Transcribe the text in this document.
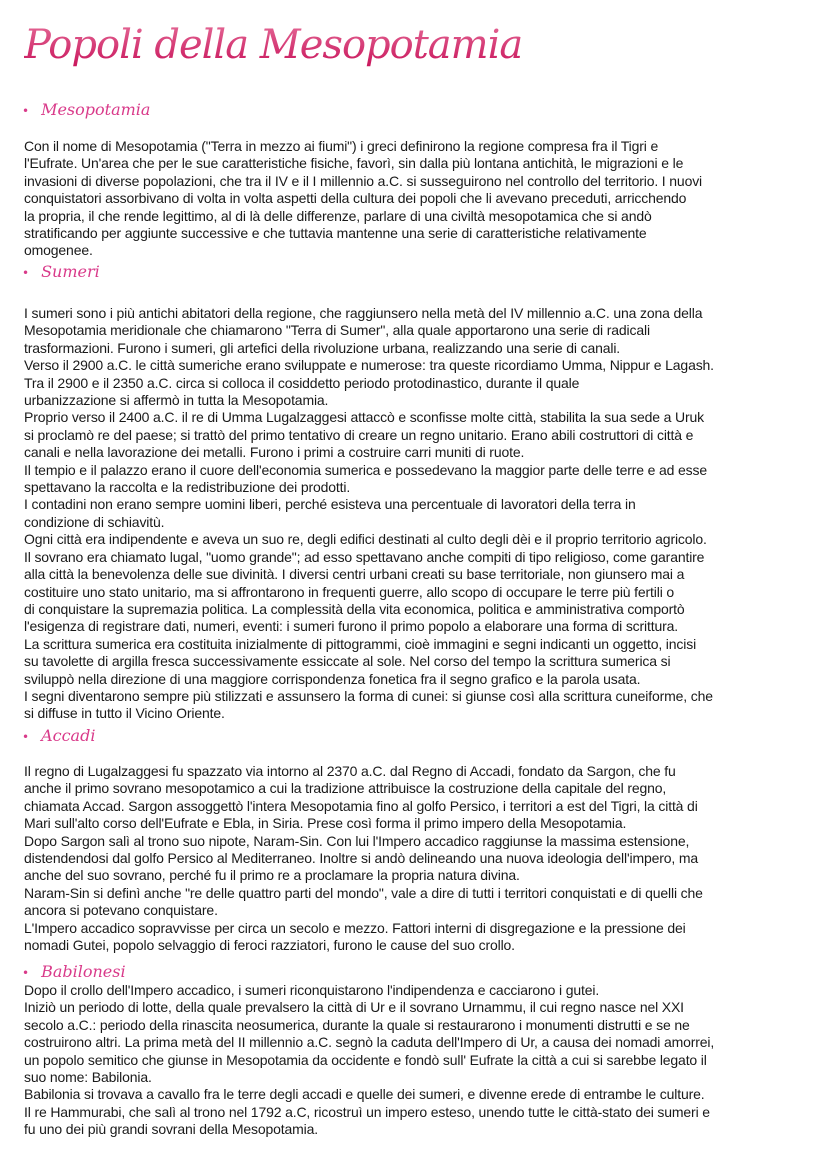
Popoli della Mesopotamia
• Mesopotamia
Con il nome di Mesopotamia ("Terra in mezzo ai fiumi") i greci definirono la regione compresa fra il Tigri e
l'Eufrate. Un'area che per le sue caratteristiche fisiche, favorì, sin dalla più lontana antichità, le migrazioni e le
invasioni di diverse popolazioni, che tra il IV e il I millennio a.C. si susseguirono nel controllo del territorio. I nuovi
conquistatori assorbivano di volta in volta aspetti della cultura dei popoli che li avevano preceduti, arricchendo
la propria, il che rende legittimo, al di là delle differenze, parlare di una civiltà mesopotamica che si andò
stratificando per aggiunte successive e che tuttavia mantenne una serie di caratteristiche relativamente
omogenee.
• Sumeri
I sumeri sono i più antichi abitatori della regione, che raggiunsero nella metà del IV millennio a.C. una zona della
Mesopotamia meridionale che chiamarono "Terra di Sumer", alla quale apportarono una serie di radicali
trasformazioni. Furono i sumeri, gli artefici della rivoluzione urbana, realizzando una serie di canali.
Verso il 2900 a.C. le città sumeriche erano sviluppate e numerose: tra queste ricordiamo Umma, Nippur e Lagash.
Tra il 2900 e il 2350 a.C. circa si colloca il cosiddetto periodo protodinastico, durante il quale
urbanizzazione si affermò in tutta la Mesopotamia.
Proprio verso il 2400 a.C. il re di Umma Lugalzaggesi attaccò e sconfisse molte città, stabilita la sua sede a Uruk
si proclamò re del paese; si trattò del primo tentativo di creare un regno unitario. Erano abili costruttori di città e
canali e nella lavorazione dei metalli. Furono i primi a costruire carri muniti di ruote.
Il tempio e il palazzo erano il cuore dell'economia sumerica e possedevano la maggior parte delle terre e ad esse
spettavano la raccolta e la redistribuzione dei prodotti.
I contadini non erano sempre uomini liberi, perché esisteva una percentuale di lavoratori della terra in
condizione di schiavitù.
Ogni città era indipendente e aveva un suo re, degli edifici destinati al culto degli dèi e il proprio territorio agricolo.
Il sovrano era chiamato lugal, "uomo grande"; ad esso spettavano anche compiti di tipo religioso, come garantire
alla città la benevolenza delle sue divinità. I diversi centri urbani creati su base territoriale, non giunsero mai a
costituire uno stato unitario, ma si affrontarono in frequenti guerre, allo scopo di occupare le terre più fertili o
di conquistare la supremazia politica. La complessità della vita economica, politica e amministrativa comportò
l'esigenza di registrare dati, numeri, eventi: i sumeri furono il primo popolo a elaborare una forma di scrittura.
La scrittura sumerica era costituita inizialmente di pittogrammi, cioè immagini e segni indicanti un oggetto, incisi
su tavolette di argilla fresca successivamente essiccate al sole. Nel corso del tempo la scrittura sumerica si
sviluppò nella direzione di una maggiore corrispondenza fonetica fra il segno grafico e la parola usata.
I segni diventarono sempre più stilizzati e assunsero la forma di cunei: si giunse così alla scrittura cuneiforme, che
si diffuse in tutto il Vicino Oriente.
• Accadi
Il regno di Lugalzaggesi fu spazzato via intorno al 2370 a.C. dal Regno di Accadi, fondato da Sargon, che fu
anche il primo sovrano mesopotamico a cui la tradizione attribuisce la costruzione della capitale del regno,
chiamata Accad. Sargon assoggettò l'intera Mesopotamia fino al golfo Persico, i territori a est del Tigri, la città di
Mari sull'alto corso dell'Eufrate e Ebla, in Siria. Prese così forma il primo impero della Mesopotamia.
Dopo Sargon salì al trono suo nipote, Naram-Sin. Con lui l'Impero accadico raggiunse la massima estensione,
distendendosi dal golfo Persico al Mediterraneo. Inoltre si andò delineando una nuova ideologia dell'impero, ma
anche del suo sovrano, perché fu il primo re a proclamare la propria natura divina.
Naram-Sin si definì anche "re delle quattro parti del mondo", vale a dire di tutti i territori conquistati e di quelli che
ancora si potevano conquistare.
L'Impero accadico sopravvisse per circa un secolo e mezzo. Fattori interni di disgregazione e la pressione dei
nomadi Gutei, popolo selvaggio di feroci razziatori, furono le cause del suo crollo.
• Babilonesi
Dopo il crollo dell'Impero accadico, i sumeri riconquistarono l'indipendenza e cacciarono i gutei.
Iniziò un periodo di lotte, della quale prevalsero la città di Ur e il sovrano Urnammu, il cui regno nasce nel XXI
secolo a.C.: periodo della rinascita neosumerica, durante la quale si restaurarono i monumenti distrutti e se ne
costruirono altri. La prima metà del II millennio a.C. segnò la caduta dell'Impero di Ur, a causa dei nomadi amorrei,
un popolo semitico che giunse in Mesopotamia da occidente e fondò sull' Eufrate la città a cui si sarebbe legato il
suo nome: Babilonia.
Babilonia si trovava a cavallo fra le terre degli accadi e quelle dei sumeri, e divenne erede di entrambe le culture.
Il re Hammurabi, che salì al trono nel 1792 a.C, ricostruì un impero esteso, unendo tutte le città-stato dei sumeri e
fu uno dei più grandi sovrani della Mesopotamia.
